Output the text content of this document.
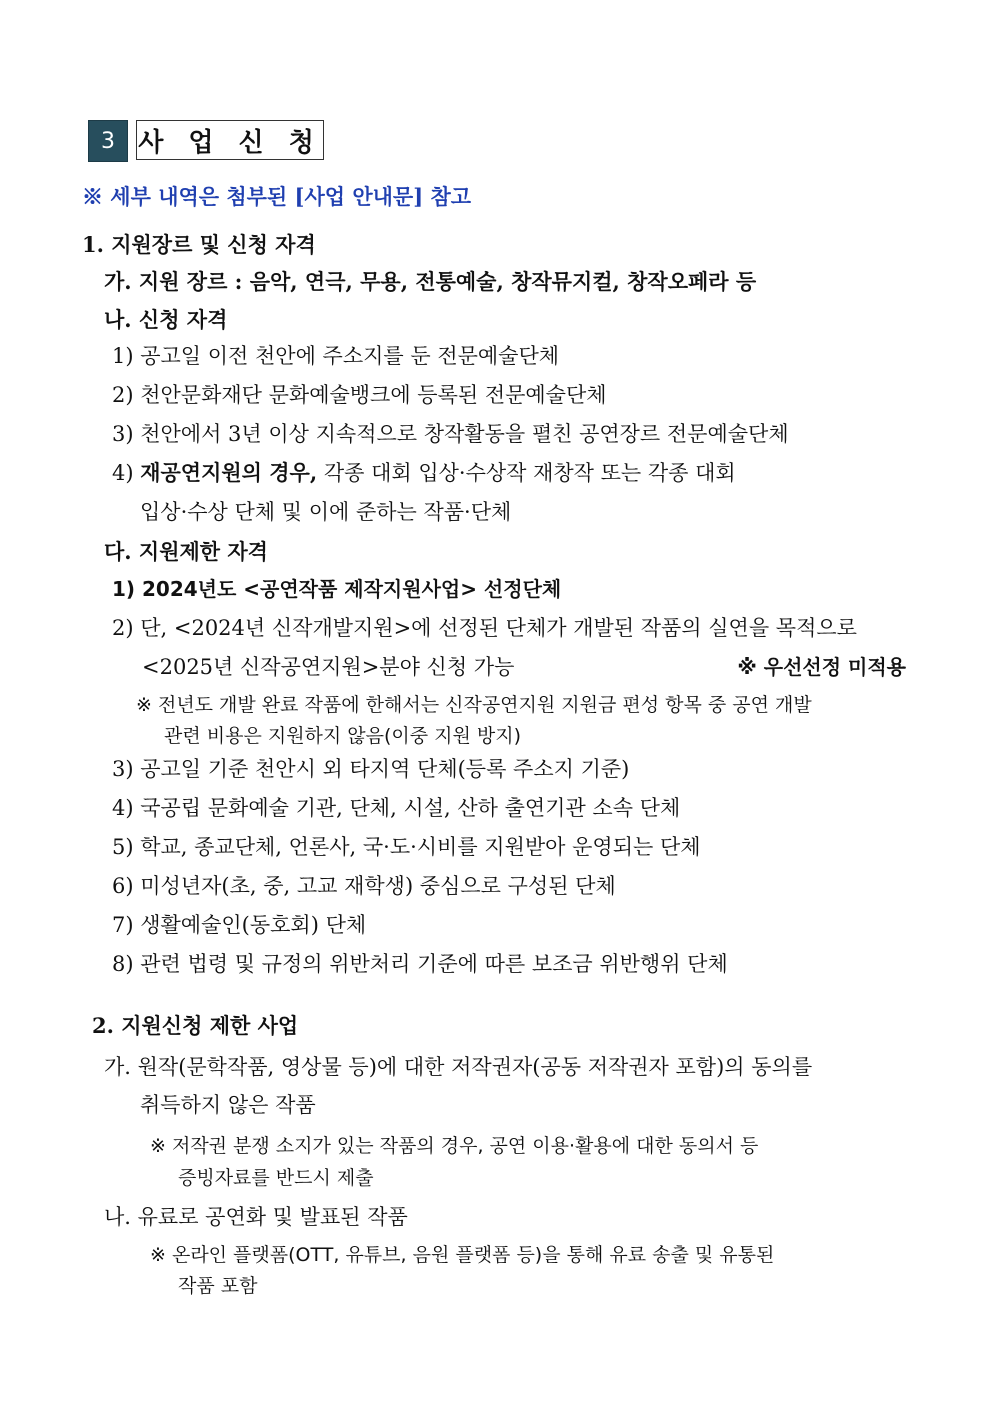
3 사 업 신 청
※ 세부 내역은 첨부된 [사업 안내문] 참고
1. 지원장르 및 신청 자격
가. 지원 장르 : 음악, 연극, 무용, 전통예술, 창작뮤지컬, 창작오페라 등
나. 신청 자격
1) 공고일 이전 천안에 주소지를 둔 전문예술단체
2) 천안문화재단 문화예술뱅크에 등록된 전문예술단체
3) 천안에서 3년 이상 지속적으로 창작활동을 펼친 공연장르 전문예술단체
4) 재공연지원의 경우, 각종 대회 입상·수상작 재창작 또는 각종 대회
입상·수상 단체 및 이에 준하는 작품·단체
다. 지원제한 자격
1) 2024년도 <공연작품 제작지원사업> 선정단체
2) 단, <2024년 신작개발지원>에 선정된 단체가 개발된 작품의 실연을 목적으로
<2025년 신작공연지원>분야 신청 가능	※ 우선선정 미적용
※ 전년도 개발 완료 작품에 한해서는 신작공연지원 지원금 편성 항목 중 공연 개발
관련 비용은 지원하지 않음(이중 지원 방지)
3) 공고일 기준 천안시 외 타지역 단체(등록 주소지 기준)
4) 국공립 문화예술 기관, 단체, 시설, 산하 출연기관 소속 단체
5) 학교, 종교단체, 언론사, 국·도·시비를 지원받아 운영되는 단체
6) 미성년자(초, 중, 고교 재학생) 중심으로 구성된 단체
7) 생활예술인(동호회) 단체
8) 관련 법령 및 규정의 위반처리 기준에 따른 보조금 위반행위 단체
2. 지원신청 제한 사업
가. 원작(문학작품, 영상물 등)에 대한 저작권자(공동 저작권자 포함)의 동의를
취득하지 않은 작품
※ 저작권 분쟁 소지가 있는 작품의 경우, 공연 이용·활용에 대한 동의서 등
증빙자료를 반드시 제출
나. 유료로 공연화 및 발표된 작품
※ 온라인 플랫폼(OTT, 유튜브, 음원 플랫폼 등)을 통해 유료 송출 및 유통된
작품 포함
